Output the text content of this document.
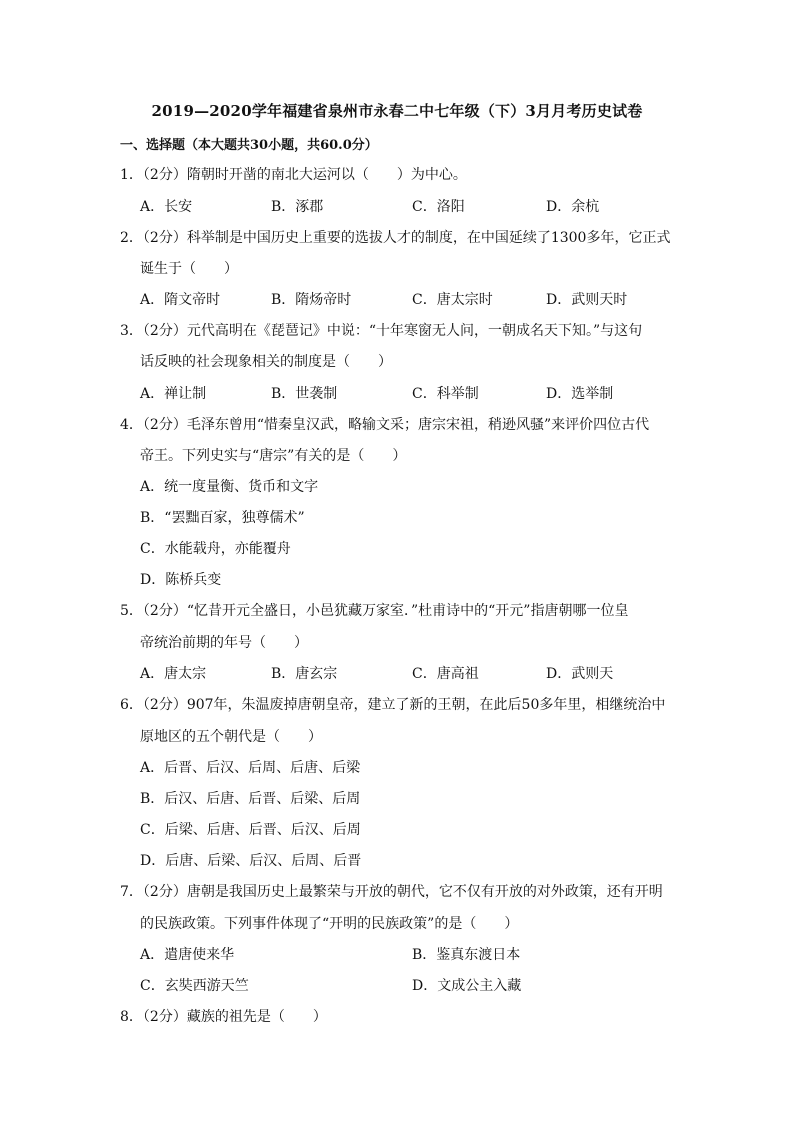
2019—2020学年福建省泉州市永春二中七年级（下）3月月考历史试卷
一、选择题（本大题共30小题，共60.0分）
1．（2分）隋朝时开凿的南北大运河以（　　）为中心。
A．长安	B．涿郡	C．洛阳	D．余杭
2．（2分）科举制是中国历史上重要的选拔人才的制度，在中国延续了1300多年，它正式
诞生于（　　）
A．隋文帝时	B．隋炀帝时	C．唐太宗时	D．武则天时
3．（2分）元代高明在《琵琶记》中说：“十年寒窗无人问，一朝成名天下知。”与这句
话反映的社会现象相关的制度是（　　）
A．禅让制	B．世袭制	C．科举制	D．选举制
4．（2分）毛泽东曾用“惜秦皇汉武，略输文采；唐宗宋祖，稍逊风骚”来评价四位古代
帝王。下列史实与“唐宗”有关的是（　　）
A．统一度量衡、货币和文字
B．“罢黜百家，独尊儒术”
C．水能载舟，亦能覆舟
D．陈桥兵变
5．（2分）“忆昔开元全盛日，小邑犹藏万家室．”杜甫诗中的“开元”指唐朝哪一位皇
帝统治前期的年号（　　）
A．唐太宗	B．唐玄宗	C．唐高祖	D．武则天
6．（2分）907年，朱温废掉唐朝皇帝，建立了新的王朝，在此后50多年里，相继统治中
原地区的五个朝代是（　　）
A．后晋、后汉、后周、后唐、后梁
B．后汉、后唐、后晋、后梁、后周
C．后梁、后唐、后晋、后汉、后周
D．后唐、后梁、后汉、后周、后晋
7．（2分）唐朝是我国历史上最繁荣与开放的朝代，它不仅有开放的对外政策，还有开明
的民族政策。下列事件体现了“开明的民族政策”的是（　　）
A．遣唐使来华	B．鉴真东渡日本
C．玄奘西游天竺	D．文成公主入藏
8．（2分）藏族的祖先是（　　）
